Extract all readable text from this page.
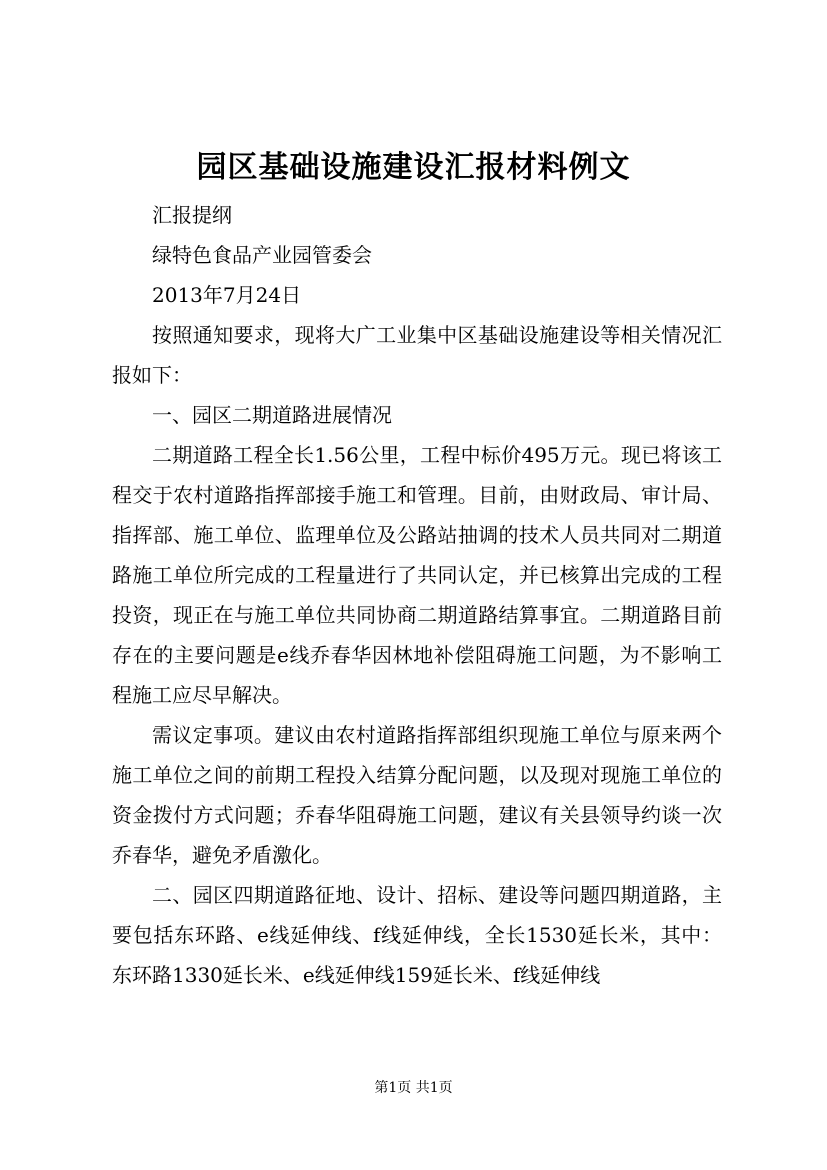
园区基础设施建设汇报材料例文

汇报提纲

绿特色食品产业园管委会

2013年7月24日

按照通知要求，现将大广工业集中区基础设施建设等相关情况汇报如下：

一、园区二期道路进展情况

二期道路工程全长1.56公里，工程中标价495万元。现已将该工程交于农村道路指挥部接手施工和管理。目前，由财政局、审计局、指挥部、施工单位、监理单位及公路站抽调的技术人员共同对二期道路施工单位所完成的工程量进行了共同认定，并已核算出完成的工程投资，现正在与施工单位共同协商二期道路结算事宜。二期道路目前存在的主要问题是e线乔春华因林地补偿阻碍施工问题，为不影响工程施工应尽早解决。

需议定事项。建议由农村道路指挥部组织现施工单位与原来两个施工单位之间的前期工程投入结算分配问题，以及现对现施工单位的资金拨付方式问题；乔春华阻碍施工问题，建议有关县领导约谈一次乔春华，避免矛盾激化。

二、园区四期道路征地、设计、招标、建设等问题四期道路，主要包括东环路、e线延伸线、f线延伸线，全长1530延长米，其中：东环路1330延长米、e线延伸线159延长米、f线延伸线

第1页 共1页
